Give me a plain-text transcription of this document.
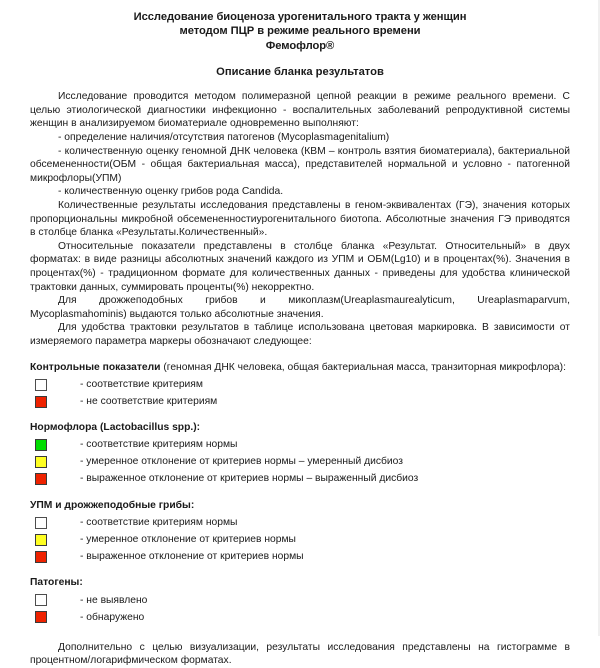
Исследование биоценоза урогенитального тракта у женщин
методом ПЦР в режиме реального времени
Фемофлор®
Описание бланка результатов

Исследование проводится методом полимеразной цепной реакции в режиме реального времени. С целью этиологической диагностики инфекционно - воспалительных заболеваний репродуктивной системы женщин в анализируемом биоматериале одновременно выполняют:

- определение наличия/отсутствия патогенов (Mycoplasmagenitalium)

- количественную оценку геномной ДНК человека (КВМ – контроль взятия биоматериала), бактериальной обсемененности(ОБМ - общая бактериальная масса), представителей нормальной и условно - патогенной микрофлоры(УПМ)

- количественную оценку грибов рода Candida.

Количественные результаты исследования представлены в геном-эквивалентах (ГЭ), значения которых пропорциональны микробной обсемененностиурогенитального биотопа. Абсолютные значения ГЭ приводятся в столбце бланка «Результаты.Количественный».

Относительные показатели представлены в столбце бланка «Результат. Относительный» в двух форматах: в виде разницы абсолютных значений каждого из УПМ и ОБМ(Lg10) и в процентах(%). Значения в процентах(%) - традиционном формате для количественных данных - приведены для удобства клинической трактовки данных, суммировать проценты(%) некорректно.

Для дрожжеподобных грибов и микоплазм(Ureaplasmaurealyticum, Ureaplasmaparvum, Mycoplasmahominis) выдаются только абсолютные значения.

Для удобства трактовки результатов в таблице использована цветовая маркировка. В зависимости от измеряемого параметра маркеры обозначают следующее:

Контрольные показатели (геномная ДНК человека, общая бактериальная масса, транзиторная микрофлора):

- соответствие критериям
- не соответствие критериям

Нормофлора (Lactobacillus spp.):

- соответствие критериям нормы
- умеренное отклонение от критериев нормы – умеренный дисбиоз
- выраженное отклонение от критериев нормы – выраженный дисбиоз

УПМ и дрожжеподобные грибы:

- соответствие критериям нормы
- умеренное отклонение от критериев нормы
- выраженное отклонение от критериев нормы

Патогены:

- не выявлено
- обнаружено

Дополнительно с целью визуализации, результаты исследования представлены на гистограмме в процентном/логарифмическом форматах.
